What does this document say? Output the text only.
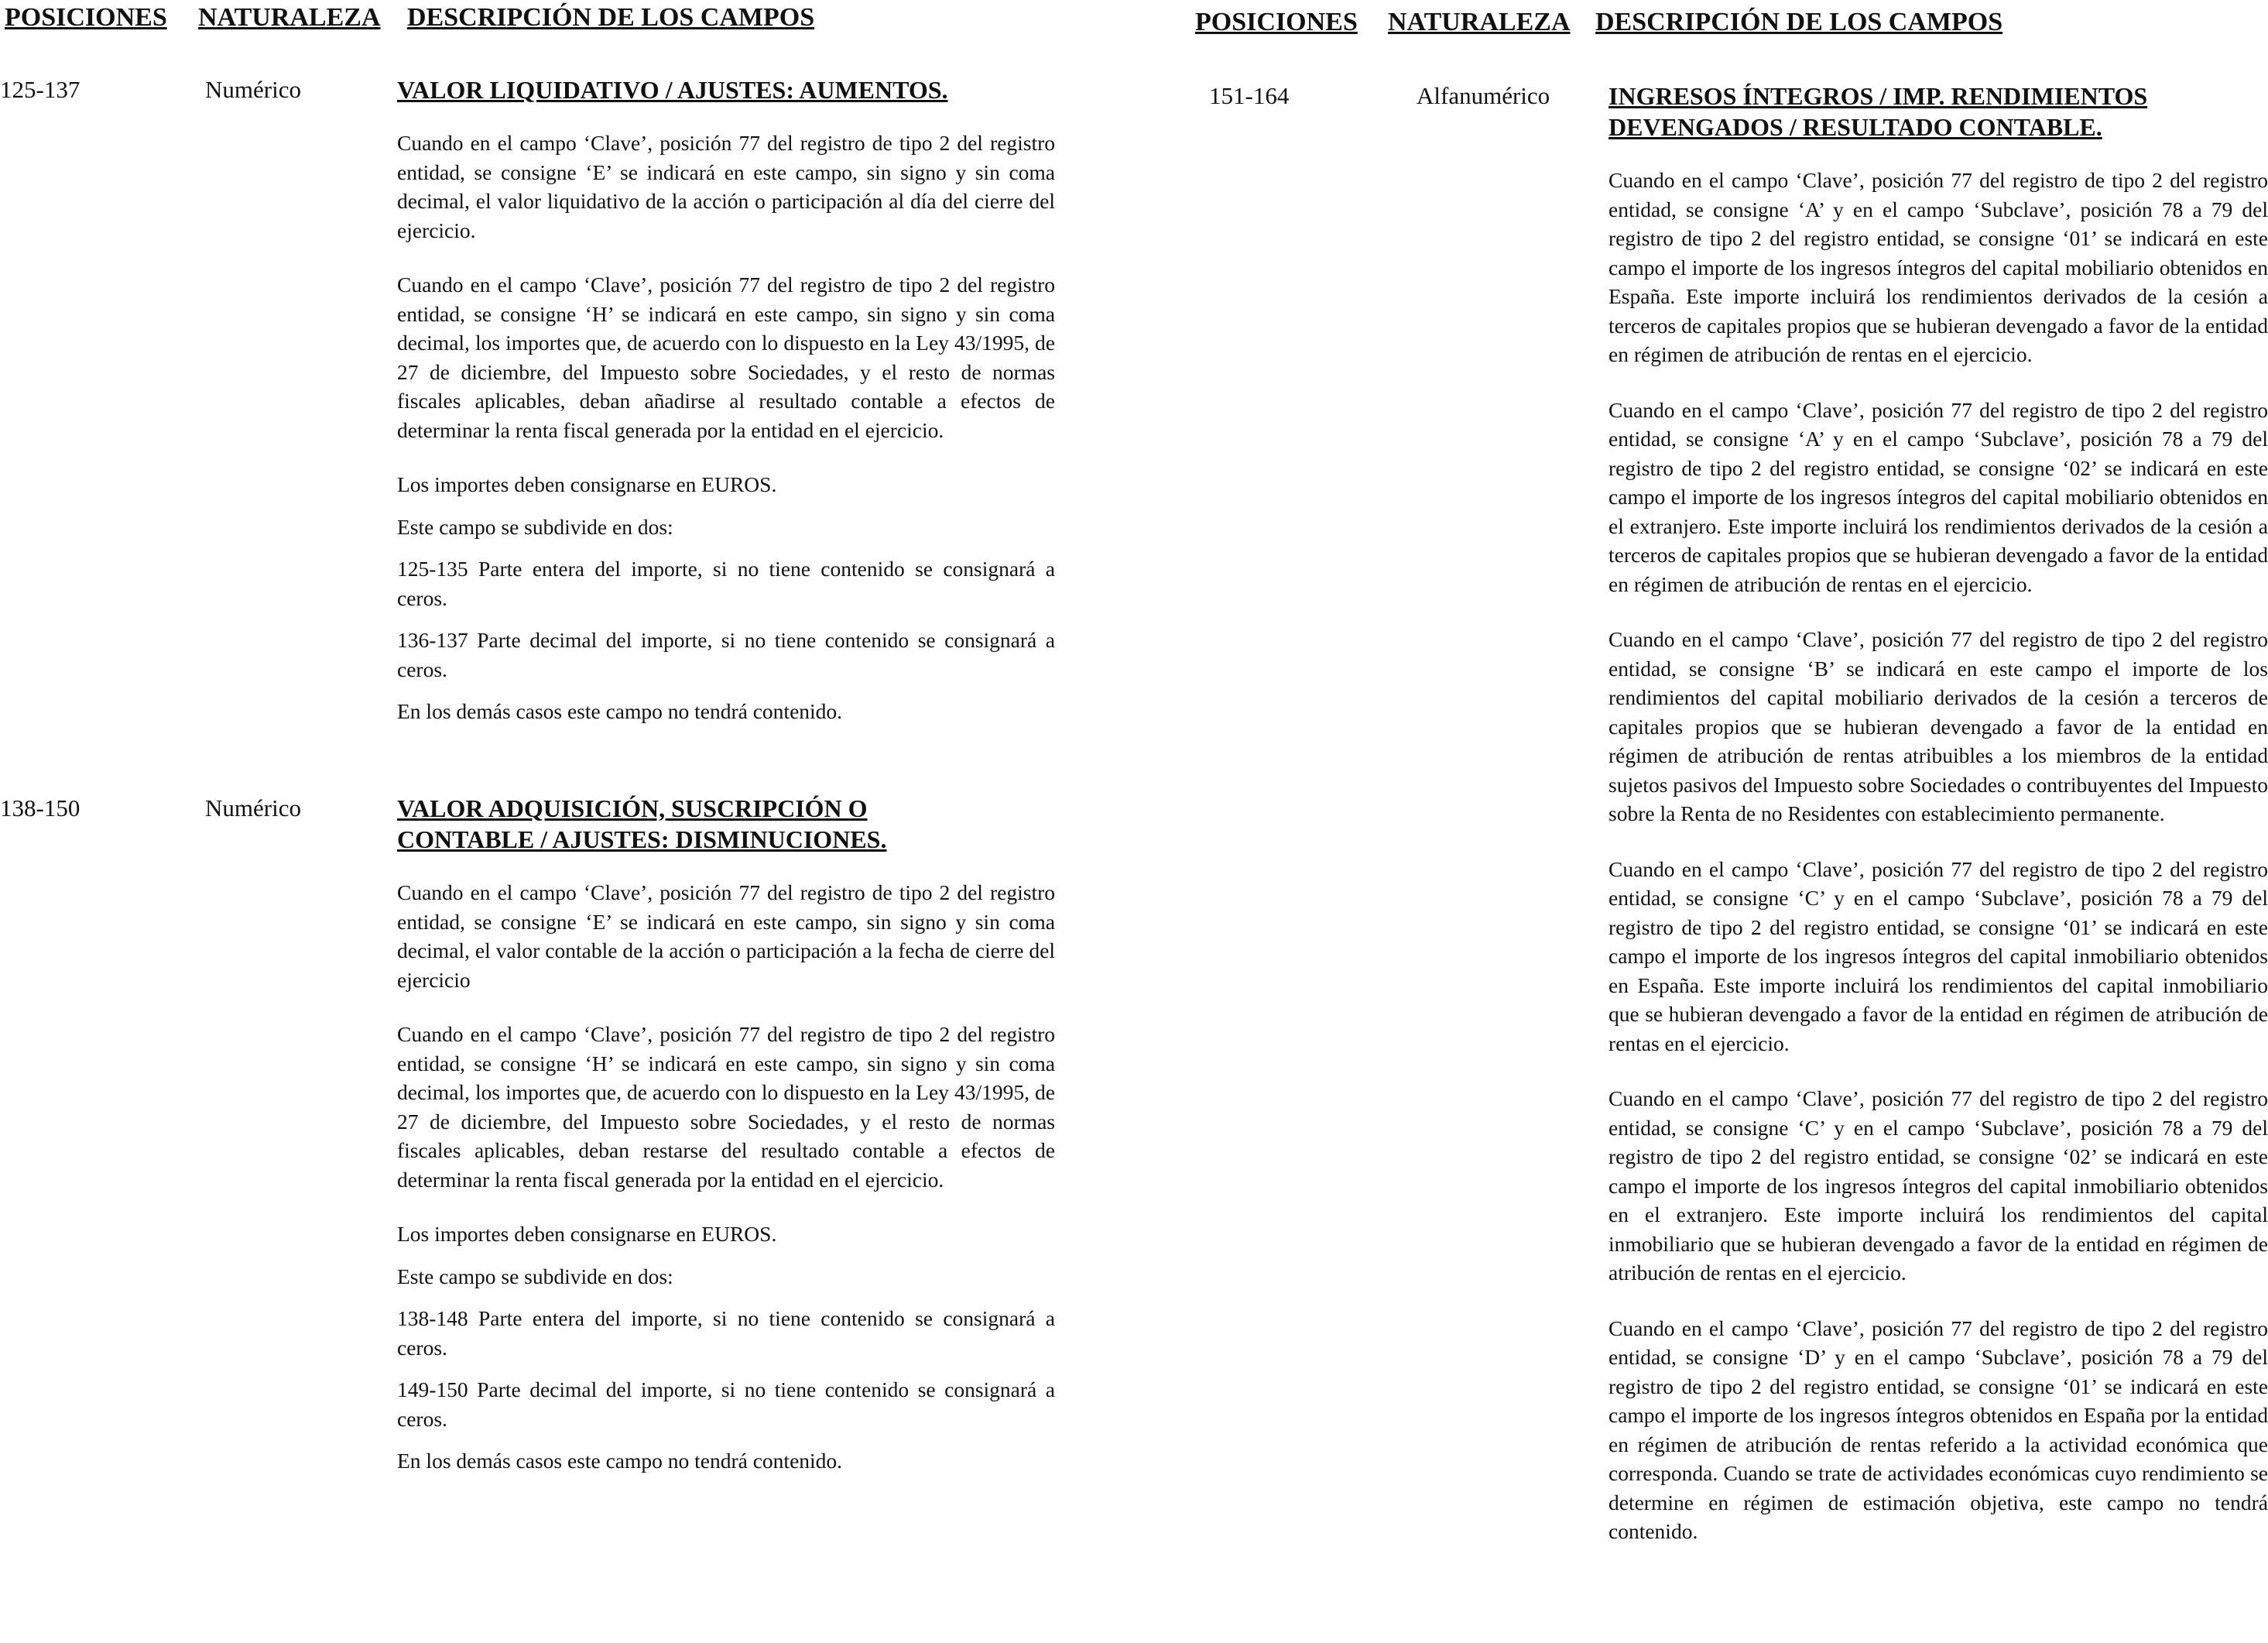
POSICIONES NATURALEZA DESCRIPCIÓN DE LOS CAMPOS
125-137	Numérico	VALOR LIQUIDATIVO / AJUSTES: AUMENTOS.

Cuando en el campo ‘Clave’, posición 77 del registro de tipo 2 del registro entidad, se consigne ‘E’ se indicará en este campo, sin signo y sin coma decimal, el valor liquidativo de la acción o participación al día del cierre del ejercicio.

Cuando en el campo ‘Clave’, posición 77 del registro de tipo 2 del registro entidad, se consigne ‘H’ se indicará en este campo, sin signo y sin coma decimal, los importes que, de acuerdo con lo dispuesto en la Ley 43/1995, de 27 de diciembre, del Impuesto sobre Sociedades, y el resto de normas fiscales aplicables, deban añadirse al resultado contable a efectos de determinar la renta fiscal generada por la entidad en el ejercicio.

Los importes deben consignarse en EUROS.

Este campo se subdivide en dos:

125-135 Parte entera del importe, si no tiene contenido se consignará a ceros.

136-137 Parte decimal del importe, si no tiene contenido se consignará a ceros.

En los demás casos este campo no tendrá contenido.

138-150	Numérico	VALOR ADQUISICIÓN, SUSCRIPCIÓN O CONTABLE / AJUSTES: DISMINUCIONES.

Cuando en el campo ‘Clave’, posición 77 del registro de tipo 2 del registro entidad, se consigne ‘E’ se indicará en este campo, sin signo y sin coma decimal, el valor contable de la acción o participación a la fecha de cierre del ejercicio

Cuando en el campo ‘Clave’, posición 77 del registro de tipo 2 del registro entidad, se consigne ‘H’ se indicará en este campo, sin signo y sin coma decimal, los importes que, de acuerdo con lo dispuesto en la Ley 43/1995, de 27 de diciembre, del Impuesto sobre Sociedades, y el resto de normas fiscales aplicables, deban restarse del resultado contable a efectos de determinar la renta fiscal generada por la entidad en el ejercicio.

Los importes deben consignarse en EUROS.

Este campo se subdivide en dos:

138-148 Parte entera del importe, si no tiene contenido se consignará a ceros.

149-150 Parte decimal del importe, si no tiene contenido se consignará a ceros.

En los demás casos este campo no tendrá contenido.

POSICIONES NATURALEZA DESCRIPCIÓN DE LOS CAMPOS
151-164	Alfanumérico INGRESOS ÍNTEGROS / IMP. RENDIMIENTOS DEVENGADOS / RESULTADO CONTABLE.

Cuando en el campo ‘Clave’, posición 77 del registro de tipo 2 del registro entidad, se consigne ‘A’ y en el campo ‘Subclave’, posición 78 a 79 del registro de tipo 2 del registro entidad, se consigne ‘01’ se indicará en este campo el importe de los ingresos íntegros del capital mobiliario obtenidos en España. Este importe incluirá los rendimientos derivados de la cesión a terceros de capitales propios que se hubieran devengado a favor de la entidad en régimen de atribución de rentas en el ejercicio.

Cuando en el campo ‘Clave’, posición 77 del registro de tipo 2 del registro entidad, se consigne ‘A’ y en el campo ‘Subclave’, posición 78 a 79 del registro de tipo 2 del registro entidad, se consigne ‘02’ se indicará en este campo el importe de los ingresos íntegros del capital mobiliario obtenidos en el extranjero. Este importe incluirá los rendimientos derivados de la cesión a terceros de capitales propios que se hubieran devengado a favor de la entidad en régimen de atribución de rentas en el ejercicio.

Cuando en el campo ‘Clave’, posición 77 del registro de tipo 2 del registro entidad, se consigne ‘B’ se indicará en este campo el importe de los rendimientos del capital mobiliario derivados de la cesión a terceros de capitales propios que se hubieran devengado a favor de la entidad en régimen de atribución de rentas atribuibles a los miembros de la entidad sujetos pasivos del Impuesto sobre Sociedades o contribuyentes del Impuesto sobre la Renta de no Residentes con establecimiento permanente.

Cuando en el campo ‘Clave’, posición 77 del registro de tipo 2 del registro entidad, se consigne ‘C’ y en el campo ‘Subclave’, posición 78 a 79 del registro de tipo 2 del registro entidad, se consigne ‘01’ se indicará en este campo el importe de los ingresos íntegros del capital inmobiliario obtenidos en España. Este importe incluirá los rendimientos del capital inmobiliario que se hubieran devengado a favor de la entidad en régimen de atribución de rentas en el ejercicio.

Cuando en el campo ‘Clave’, posición 77 del registro de tipo 2 del registro entidad, se consigne ‘C’ y en el campo ‘Subclave’, posición 78 a 79 del registro de tipo 2 del registro entidad, se consigne ‘02’ se indicará en este campo el importe de los ingresos íntegros del capital inmobiliario obtenidos en el extranjero. Este importe incluirá los rendimientos del capital inmobiliario que se hubieran devengado a favor de la entidad en régimen de atribución de rentas en el ejercicio.

Cuando en el campo ‘Clave’, posición 77 del registro de tipo 2 del registro entidad, se consigne ‘D’ y en el campo ‘Subclave’, posición 78 a 79 del registro de tipo 2 del registro entidad, se consigne ‘01’ se indicará en este campo el importe de los ingresos íntegros obtenidos en España por la entidad en régimen de atribución de rentas referido a la actividad económica que corresponda. Cuando se trate de actividades económicas cuyo rendimiento se determine en régimen de estimación objetiva, este campo no tendrá contenido.
